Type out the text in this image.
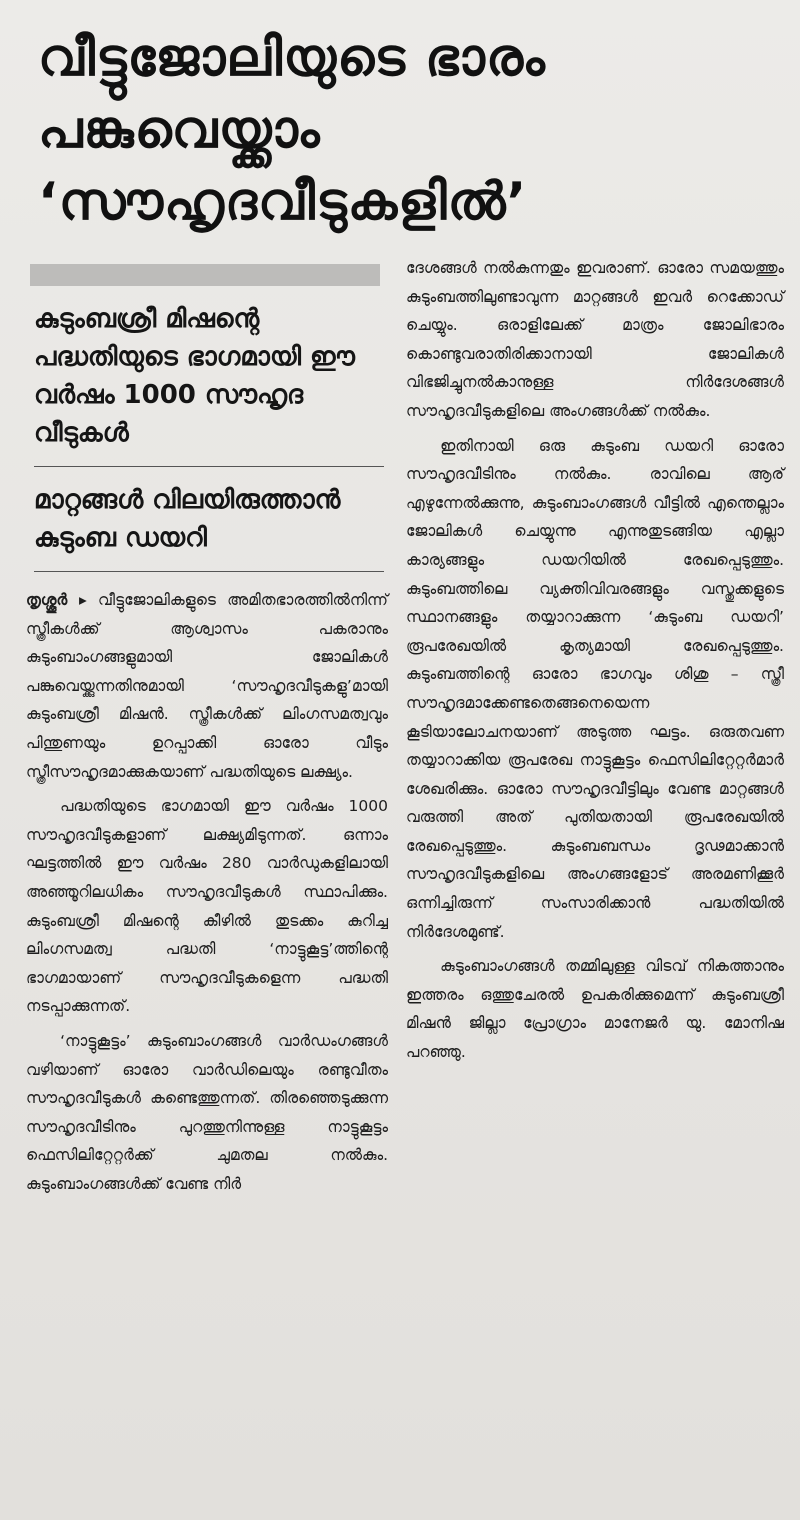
വീട്ടുജോലിയുടെ ഭാരം
പങ്കുവെയ്ക്കാം
‘സൗഹൃദവീടുകളിൽ’
കുടുംബശ്രീ മിഷന്റെ പദ്ധതിയുടെ ഭാഗമായി ഈ വർഷം 1000 സൗഹൃദ വീടുകൾ
മാറ്റങ്ങൾ വിലയിരുത്താൻ കുടുംബ ഡയറി

തൃശ്ശൂർ ▸ വീട്ടുജോലികളുടെ അമിതഭാരത്തിൽനിന്ന് സ്ത്രീകൾക്ക് ആശ്വാസം പകരാനും കുടുംബാംഗങ്ങളുമായി ജോലികൾ പങ്കുവെയ്ക്കുന്നതിനുമായി ‘സൗഹൃദവീടുകളു’മായി കുടുംബശ്രീ മിഷൻ. സ്ത്രീകൾക്ക് ലിംഗസമത്വവും പിന്തുണയും ഉറപ്പാക്കി ഓരോ വീടും സ്ത്രീസൗഹൃദമാക്കുകയാണ് പദ്ധതിയുടെ ലക്ഷ്യം.

പദ്ധതിയുടെ ഭാഗമായി ഈ വർഷം 1000 സൗഹൃദവീടുകളാണ് ലക്ഷ്യമിടുന്നത്. ഒന്നാം ഘട്ടത്തിൽ ഈ വർഷം 280 വാർഡുകളിലായി അഞ്ഞൂറിലധികം സൗഹൃദവീടുകൾ സ്ഥാപിക്കും. കുടുംബശ്രീ മിഷന്റെ കീഴിൽ തുടക്കം കുറിച്ച ലിംഗസമത്വ പദ്ധതി ‘നാട്ടുകൂട്ട’ത്തിന്റെ ഭാഗമായാണ് സൗഹൃദവീടുകളെന്ന പദ്ധതി നടപ്പാക്കുന്നത്.

‘നാട്ടുകൂട്ടം’ കുടുംബാംഗങ്ങൾ വാർഡംഗങ്ങൾ വഴിയാണ് ഓരോ വാർഡിലെയും രണ്ടുവീതം സൗഹൃദവീടുകൾ കണ്ടെത്തുന്നത്. തിരഞ്ഞെടുക്കുന്ന സൗഹൃദവീടിനും പുറത്തുനിന്നുള്ള നാട്ടുകൂട്ടം ഫെസിലിറ്റേറ്റർക്ക് ചുമതല നൽകും. കുടുംബാംഗങ്ങൾക്ക് വേണ്ട നിർ

ദേശങ്ങൾ നൽകുന്നതും ഇവരാണ്. ഓരോ സമയത്തും കുടുംബത്തിലുണ്ടാവുന്ന മാറ്റങ്ങൾ ഇവർ റെക്കോഡ് ചെയ്യും. ഒരാളിലേക്ക് മാത്രം ജോലിഭാരം കൊണ്ടുവരാതിരിക്കാനായി ജോലികൾ വിഭജിച്ചുനൽകാനുള്ള നിർദേശങ്ങൾ സൗഹൃദവീടുകളിലെ അംഗങ്ങൾക്ക് നൽകും.

ഇതിനായി ഒരു കുടുംബ ഡയറി ഓരോ സൗഹൃദവീടിനും നൽകും. രാവിലെ ആര് എഴുന്നേൽക്കുന്നു, കുടുംബാംഗങ്ങൾ വീട്ടിൽ എന്തെല്ലാം ജോലികൾ ചെയ്യുന്നു എന്നുതുടങ്ങിയ എല്ലാ കാര്യങ്ങളും ഡയറിയിൽ രേഖപ്പെടുത്തും. കുടുംബത്തിലെ വ്യക്തിവിവരങ്ങളും വസ്തുക്കളുടെ സ്ഥാനങ്ങളും തയ്യാറാക്കുന്ന ‘കുടുംബ ഡയറി’ രൂപരേഖയിൽ കൃത്യമായി രേഖപ്പെടുത്തും. കുടുംബത്തിന്റെ ഓരോ ഭാഗവും ശിശു – സ്ത്രീ സൗഹൃദമാക്കേണ്ടതെങ്ങനെയെന്ന കൂടിയാലോചനയാണ് അടുത്ത ഘട്ടം. ഒരുതവണ തയ്യാറാക്കിയ രൂപരേഖ നാട്ടുകൂട്ടം ഫെസിലിറ്റേറ്റർമാർ ശേഖരിക്കും. ഓരോ സൗഹൃദവീട്ടിലും വേണ്ട മാറ്റങ്ങൾ വരുത്തി അത് പുതിയതായി രൂപരേഖയിൽ രേഖപ്പെടുത്തും. കുടുംബബന്ധം ദൃഢമാക്കാൻ സൗഹൃദവീടുകളിലെ അംഗങ്ങളോട് അരമണിക്കൂർ ഒന്നിച്ചിരുന്ന് സംസാരിക്കാൻ പദ്ധതിയിൽ നിർദേശമുണ്ട്.

കുടുംബാംഗങ്ങൾ തമ്മിലുള്ള വിടവ് നികത്താനും ഇത്തരം ഒത്തുചേരൽ ഉപകരിക്കുമെന്ന് കുടുംബശ്രീ മിഷൻ ജില്ലാ പ്രോഗ്രാം മാനേജർ യു. മോനിഷ പറഞ്ഞു.
